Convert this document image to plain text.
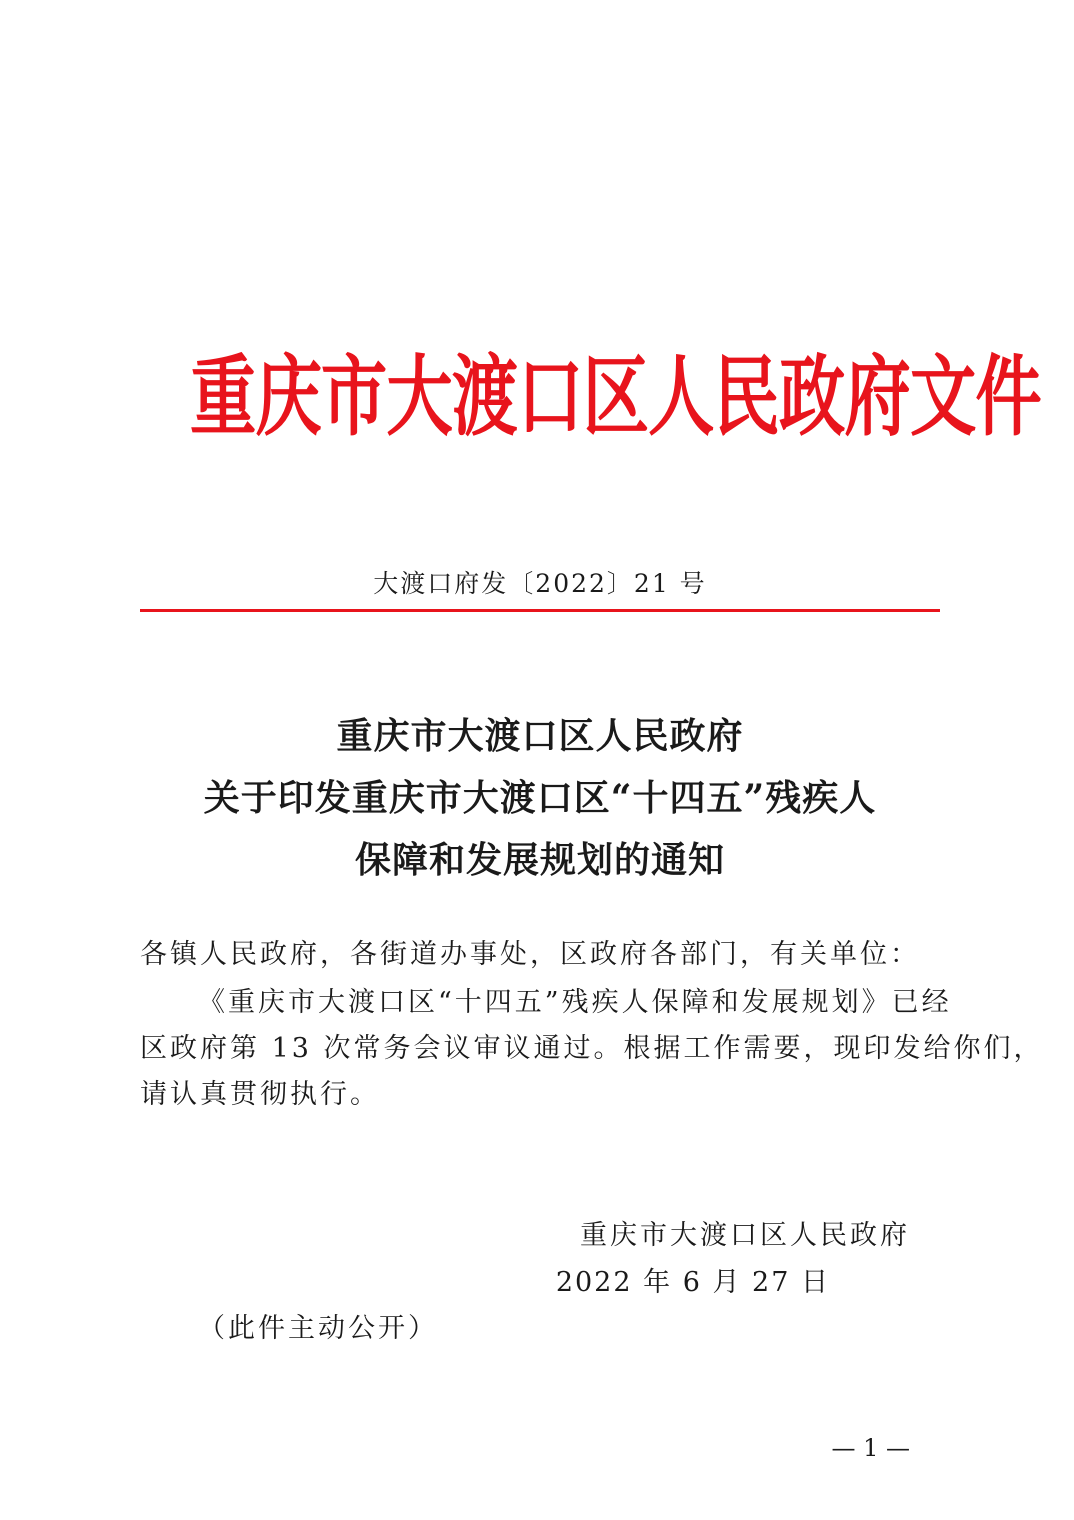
重庆市大渡口区人民政府文件
大渡口府发〔2022〕21 号
重庆市大渡口区人民政府
关于印发重庆市大渡口区“十四五”残疾人
保障和发展规划的通知
各镇人民政府，各街道办事处，区政府各部门，有关单位：
《重庆市大渡口区“十四五”残疾人保障和发展规划》已经
区政府第 13 次常务会议审议通过。根据工作需要，现印发给你们，
请认真贯彻执行。
重庆市大渡口区人民政府
2022 年 6 月 27 日
（此件主动公开）
— 1 —
